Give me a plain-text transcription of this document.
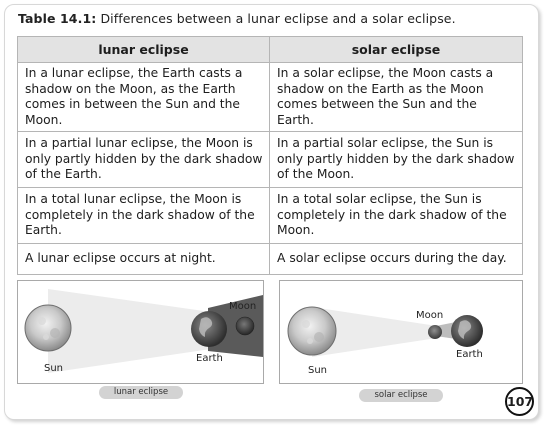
Table 14.1: Differences between a lunar eclipse and a solar eclipse.
lunar eclipse	solar eclipse
In a lunar eclipse, the Earth casts a shadow on the Moon, as the Earth comes in between the Sun and the Moon.	In a solar eclipse, the Moon casts a shadow on the Earth as the Moon comes between the Sun and the Earth.
In a partial lunar eclipse, the Moon is only partly hidden by the dark shadow of the Earth.	In a partial solar eclipse, the Sun is only partly hidden by the dark shadow of the Moon.
In a total lunar eclipse, the Moon is completely in the dark shadow of the Earth.	In a total solar eclipse, the Sun is completely in the dark shadow of the Moon.
A lunar eclipse occurs at night.	A solar eclipse occurs during the day.
Sun
Earth
Moon
lunar eclipse
Moon
Earth
Sun
solar eclipse	107
